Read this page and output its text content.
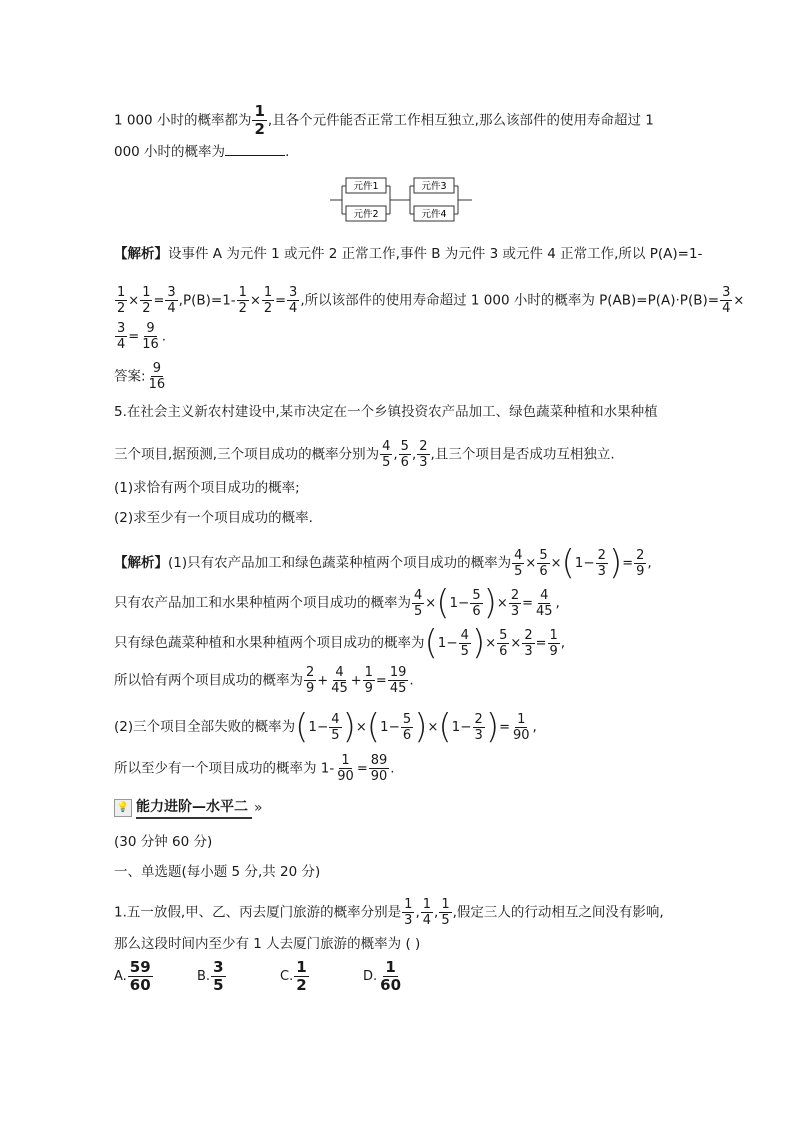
1 000 小时的概率都为 $\frac{1}{2}$ ,且各个元件能否正常工作相互独立,那么该部件的使用寿命超过 1
000 小时的概率为	.
元件1
元件2
元件3
元件4
【解析】设事件 A 为元件 1 或元件 2 正常工作,事件 B 为元件 3 或元件 4 正常工作,所以 P(A)=1-
$\frac{1}{2} \times \frac{1}{2} = \frac{3}{4} ,P(B)=1- \frac{1}{2} \times \frac{1}{2} = \frac{3}{4}$ ,所以该部件的使用寿命超过 1 000 小时的概率为 $P(AB)=P(A)\cdot P(B)= \frac{3}{4}$ ×
$\frac{3}{4} = \frac{9}{16}$ .
答案: $\frac{9}{16}$
5.在社会主义新农村建设中,某市决定在一个乡镇投资农产品加工、绿色蔬菜种植和水果种植
三个项目,据预测,三个项目成功的概率分别为 $\frac{4}{5}$ , $\frac{5}{6}$ , $\frac{2}{3}$ ,且三个项目是否成功互相独立.
(1)求恰有两个项目成功的概率;
(2)求至少有一个项目成功的概率.
【解析】(1)只有农产品加工和绿色蔬菜种植两个项目成功的概率为 $\frac{4}{5} \times \frac{5}{6} \times(1- \frac{2}{3}$ )= $\frac{2}{9}$ ,
只有农产品加工和水果种植两个项目成功的概率为 $\frac{4}{5} \times(1- \frac{5}{6}$ )× $\frac{2}{3} = \frac{4}{45}$ ,
只有绿色蔬菜种植和水果种植两个项目成功的概率为($1- \frac{4}{5}$ )× $\frac{5}{6} \times \frac{2}{3} = \frac{1}{9}$ ,
所以恰有两个项目成功的概率为 $\frac{2}{9} + \frac{4}{45} + \frac{1}{9} = \frac{19}{45}$ .
(2)三个项目全部失败的概率为$(1- \frac{4}{5} )\times(1- \frac{5}{6} )\times(1- \frac{2}{3}$ )= $\frac{1}{90}$ ,
所以至少有一个项目成功的概率为 $1- \frac{1}{90} = \frac{89}{90}$ .
💡 能力进阶—水平二 »
(30 分钟 60 分)
一、单选题(每小题 5 分,共 20 分)
1.五一放假,甲、乙、丙去厦门旅游的概率分别是 $\frac{1}{3}$ , $\frac{1}{4}$ , $\frac{1}{5}$ ,假定三人的行动相互之间没有影响,
那么这段时间内至少有 1 人去厦门旅游的概率为 ( )
A. $\frac{59}{60}$	B. $\frac{3}{5}$	C. $\frac{1}{2}$	D. $\frac{1}{60}$
